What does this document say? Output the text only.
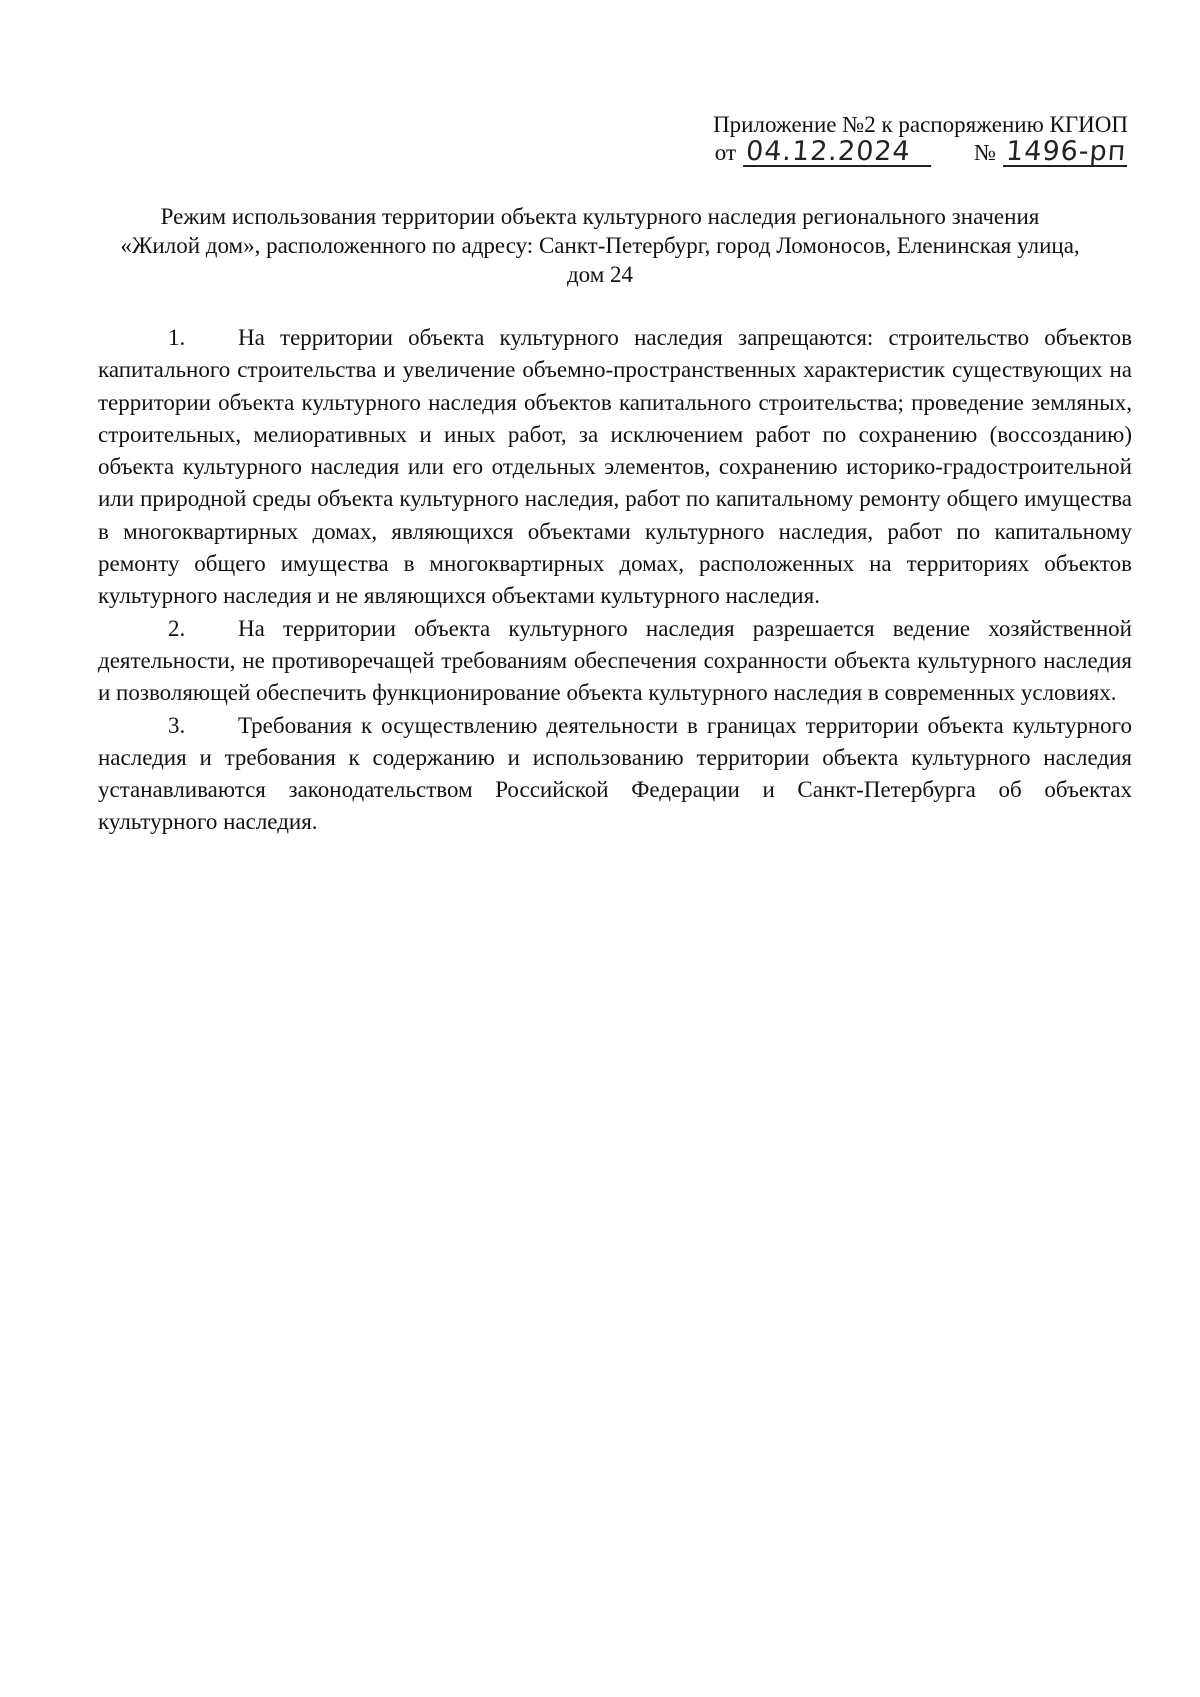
Приложение №2 к распоряжению КГИОП
от 04.12.2024	№ 1496-рп
Режим использования территории объекта культурного наследия регионального значения
«Жилой дом», расположенного по адресу: Санкт-Петербург, город Ломоносов, Еленинская улица,
дом 24

1. На территории объекта культурного наследия запрещаются: строительство объектов капитального строительства и увеличение объемно-пространственных характеристик существующих на территории объекта культурного наследия объектов капитального строительства; проведение земляных, строительных, мелиоративных и иных работ, за исключением работ по сохранению (воссозданию) объекта культурного наследия или его отдельных элементов, сохранению историко-градостроительной или природной среды объекта культурного наследия, работ по капитальному ремонту общего имущества в многоквартирных домах, являющихся объектами культурного наследия, работ по капитальному ремонту общего имущества в многоквартирных домах, расположенных на территориях объектов культурного наследия и не являющихся объектами культурного наследия.

2. На территории объекта культурного наследия разрешается ведение хозяйственной деятельности, не противоречащей требованиям обеспечения сохранности объекта культурного наследия и позволяющей обеспечить функционирование объекта культурного наследия в современных условиях.

3. Требования к осуществлению деятельности в границах территории объекта культурного наследия и требования к содержанию и использованию территории объекта культурного наследия устанавливаются законодательством Российской Федерации и Санкт-Петербурга об объектах культурного наследия.
